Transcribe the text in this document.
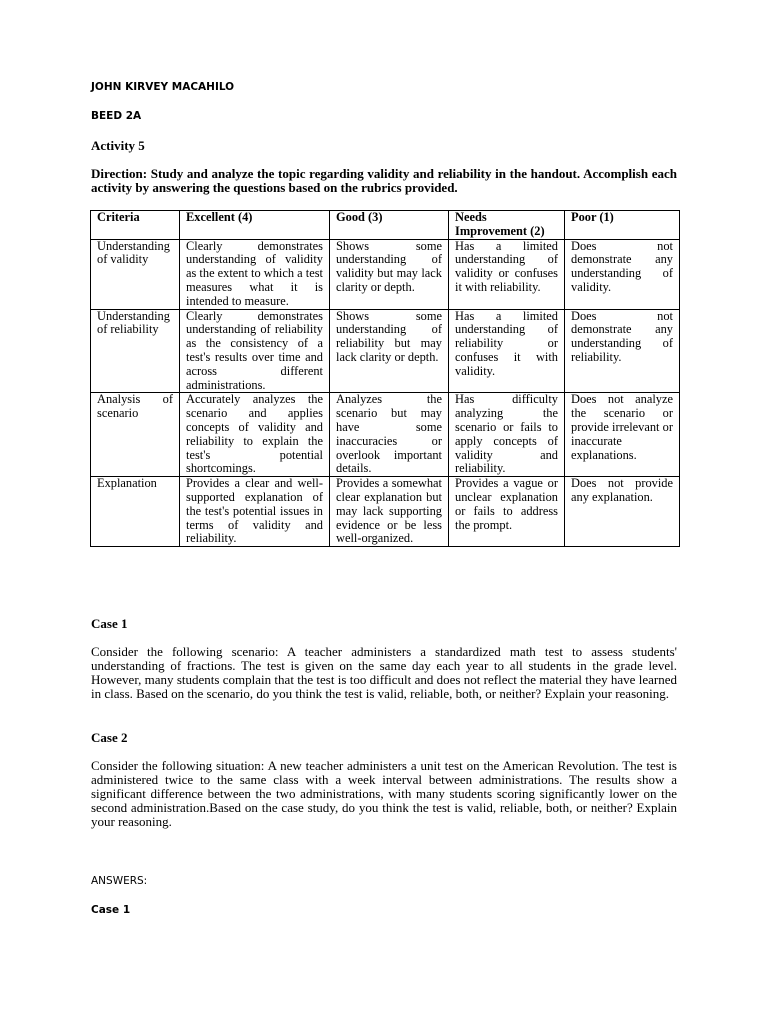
JOHN KIRVEY MACAHILO
BEED 2A
Activity 5

Direction: Study and analyze the topic regarding validity and reliability in the handout. Accomplish each activity by answering the questions based on the rubrics provided.

Criteria	Excellent (4)	Good (3)	Needs Improvement (2)	Poor (1)
Understanding of validity	Clearly demonstrates understanding of validity as the extent to which a test measures what it is intended to measure.	Shows some understanding of validity but may lack clarity or depth.	Has a limited understanding of validity or confuses it with reliability.	Does not demonstrate any understanding of validity.
Understanding of reliability	Clearly demonstrates understanding of reliability as the consistency of a test's results over time and across different administrations.	Shows some understanding of reliability but may lack clarity or depth.	Has a limited understanding of reliability or confuses it with validity.	Does not demonstrate any understanding of reliability.
Analysis of scenario	Accurately analyzes the scenario and applies concepts of validity and reliability to explain the test's potential shortcomings.	Analyzes the scenario but may have some inaccuracies or overlook important details.	Has difficulty analyzing the scenario or fails to apply concepts of validity and reliability.	Does not analyze the scenario or provide irrelevant or inaccurate explanations.
Explanation	Provides a clear and well-supported explanation of the test's potential issues in terms of validity and reliability.	Provides a somewhat clear explanation but may lack supporting evidence or be less well-organized.	Provides a vague or unclear explanation or fails to address the prompt.	Does not provide any explanation.
Case 1

Consider the following scenario: A teacher administers a standardized math test to assess students' understanding of fractions. The test is given on the same day each year to all students in the grade level. However, many students complain that the test is too difficult and does not reflect the material they have learned in class. Based on the scenario, do you think the test is valid, reliable, both, or neither? Explain your reasoning.

Case 2

Consider the following situation: A new teacher administers a unit test on the American Revolution. The test is administered twice to the same class with a week interval between administrations. The results show a significant difference between the two administrations, with many students scoring significantly lower on the second administration.Based on the case study, do you think the test is valid, reliable, both, or neither? Explain your reasoning.

ANSWERS:
Case 1
